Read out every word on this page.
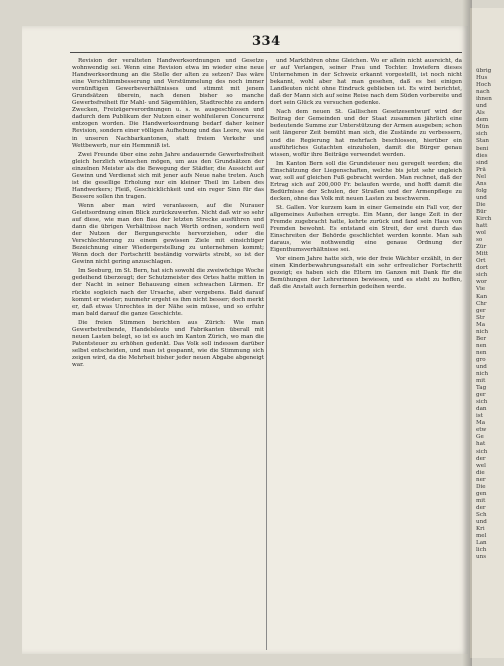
übrig
Hus
Hoch
nach
ihnen
und
Als
dem
Mün
sich
Stan
beni
dies
sind
Prä
Nel
Ans
folg
und
Die
Bür
Kirch
hatt
wol
so
Zür
Mitt
Ort
dort
sich
wor
Vie
Kan
Chr
ger
Str
Ma
nich
Ber
nen
nen
gro
und
nich
mit
Tag
ger
sich
dan
ist
Ma
etw
Ge
hat
sich
der
wel
die
ner
Die
gen
mit
der
Sch
und
Kri
mel
Lan
lich
uns
334

Revision der veralteten Handwerksordnungen und Gesetze wohnwendig sei. Wenn eine Revision etwa im wieder eine neue Handwerksordnung an die Stelle der alten zu setzen? Das wäre eine Verschlimmbesserung und Verstümmelung des noch immer vernünftigen Gewerbeverhältnisses und stimmt mit jenem Grundsätzen überein, nach denen bisher so manche Gewerbsfreiheit für Mahl- und Sägemühlen, Stadtrechte zu andern Zwecken, Freizügerverordnungen u. s. w. ausgeschlossen und dadurch dem Publikum der Nutzen einer wohlfeileren Concurrenz entzogen worden. Die Handwerksordnung bedarf daher keiner Revision, sondern einer völligen Aufhebung und das Leere, was sie in unseren Nachbarkantonen, statt freiem Verkehr und Wettbewerb, nur ein Hemmniß ist.

Zwei Freunde über eine zehn Jahre andauernde Gewerbsfreiheit gleich herzlich wünschen mögen, um aus den Grundsätzen der einzelnen Meister als die Bewegung der Städter, die Aussicht auf Gewinn und Verdienst sich mit jener aufs Neue nahe treten. Auch ist die gesellige Erholung nur ein kleiner Theil im Leben des Handwerkers; Fleiß, Geschicklichkeit und ein reger Sinn für das Bessere sollen ihn tragen.

Wenn aber man wird veranlassen, auf die Nurauer Geleitsordnung einen Blick zurückzuwerfen. Nicht daß wir so sehr auf diese, wie man den Bau der letzten Strecke ausführen und dann die übrigen Verhältnisse nach Werth ordnen, sondern weil der Nutzen der Bergungsrechte hervorziehen, oder die Verschlechterung zu einem gewissen Ziele mit einsichtiger Bezeichnung einer Wiedergerstellung zu unternehmen kommt; Wenn doch der Fortschritt beständig vorwärts strebt, so ist der Gewinn nicht gering anzuschlagen.

Im Seeburg, im St. Bern, hat sich sowohl die zweiwöchige Woche gedeihend überzeugt; der Schutzmeister des Ortes hatte mitten in der Nacht in seiner Behausung einen schwachen Lärmen. Er rückte sogleich nach der Ursache, aber vergebens. Bald darauf kommt er wieder; nunmehr ergeht es ihm nicht besser; doch merkt er, daß etwas Unrechtes in der Nähe sein müsse, und so erfuhr man bald darauf die ganze Geschichte.

Die freien Stimmen berichten aus Zürich: Wie man Gewerbetreibende, Handelsleute und Fabrikanten überall mit neuen Lasten belegt, so ist es auch im Kanton Zürich, wo man die Patentsteuer zu erhöhen gedenkt. Das Volk soll indessen darüber selbst entscheiden, und man ist gespannt, wie die Stimmung sich zeigen wird, da die Mehrheit bisher jeder neuen Abgabe abgeneigt war.

und Markthören ohne Gleichen. Wo er allein nicht ausreicht, da er auf Verlangen, seiner Frau und Tochter. Inwiefern dieses Unternehmen in der Schweiz erkannt vorgestellt, ist noch nicht bekannt, wohl aber hat man gesehen, daß es bei einigen Landleuten nicht ohne Eindruck geblieben ist. Es wird berichtet, daß der Mann sich auf seine Reise nach dem Süden vorbereite und dort sein Glück zu versuchen gedenke.

Nach dem neuen St. Gallischen Gesetzesentwurf wird der Beitrag der Gemeinden und der Staat zusammen jährlich eine bedeutende Summe zur Unterstützung der Armen ausgeben; schon seit längerer Zeit bemüht man sich, die Zustände zu verbessern, und die Regierung hat mehrfach beschlossen, hierüber ein ausführliches Gutachten einzuholen, damit die Bürger genau wissen, wofür ihre Beiträge verwendet werden.

Im Kanton Bern soll die Grundsteuer neu geregelt werden; die Einschätzung der Liegenschaften, welche bis jetzt sehr ungleich war, soll auf gleichen Fuß gebracht werden. Man rechnet, daß der Ertrag sich auf 200,000 Fr. belaufen werde, und hofft damit die Bedürfnisse der Schulen, der Straßen und der Armenpflege zu decken, ohne das Volk mit neuen Lasten zu beschweren.

St. Gallen. Vor kurzem kam in einer Gemeinde ein Fall vor, der allgemeines Aufsehen erregte. Ein Mann, der lange Zeit in der Fremde zugebracht hatte, kehrte zurück und fand sein Haus von Fremden bewohnt. Es entstand ein Streit, der erst durch das Einschreiten der Behörde geschlichtet werden konnte. Man sah daraus, wie nothwendig eine genaue Ordnung der Eigenthumsverhältnisse sei.

Vor einem Jahre hatte sich, wie der freie Wächter erzählt, in der einen Kinderbewahrungsanstalt ein sehr erfreulicher Fortschritt gezeigt; es haben sich die Eltern im Ganzen mit Dank für die Bemühungen der Lehrerinnen bewiesen, und es steht zu hoffen, daß die Anstalt auch fernerhin gedeihen werde.
